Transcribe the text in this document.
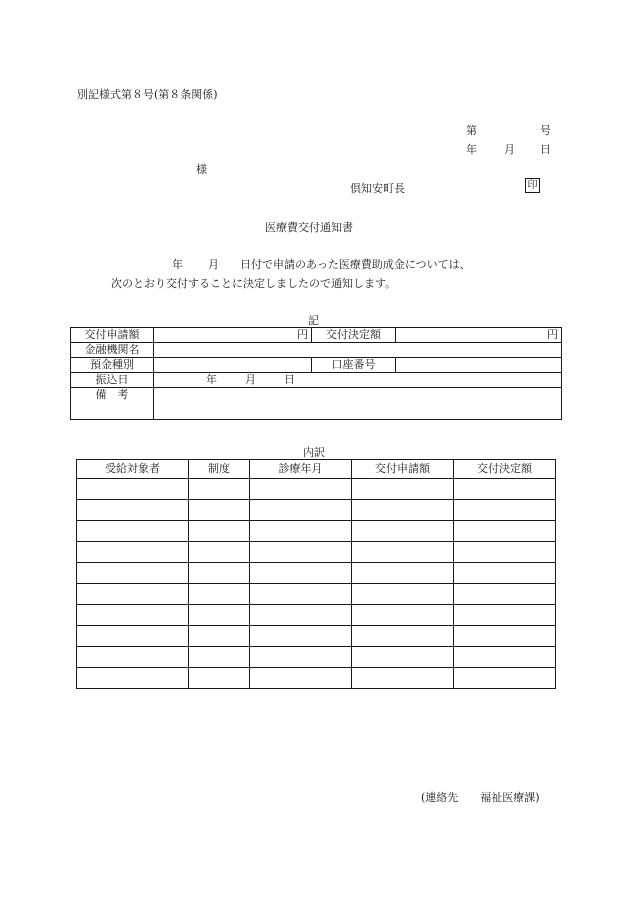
別記様式第８号(第８条関係)
第	号
年 月 日
様
倶知安町長	印
医療費交付通知書
年 月 日付で申請のあった医療費助成金については、
次のとおり交付することに決定しましたので通知します。
記
交付申請額	円	交付決定額	円
金融機関名			
預金種別		口座番号	
振込日	年 月 日		
備　考			
内訳
受給対象者	制度	診療年月	交付申請額	交付決定額

(連絡先　　福祉医療課)
